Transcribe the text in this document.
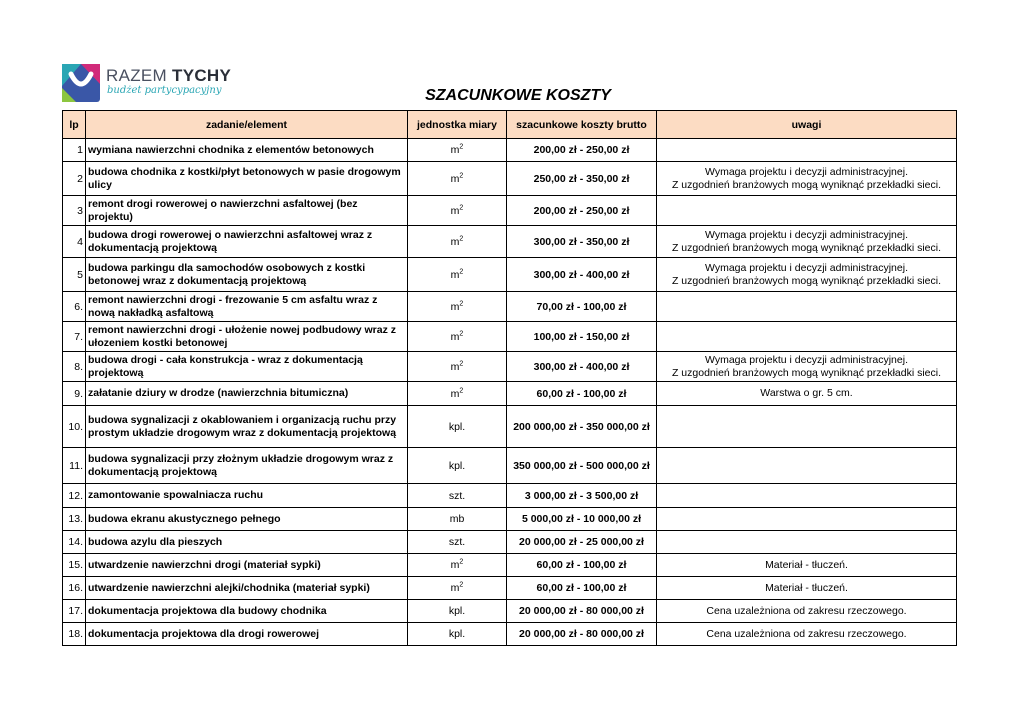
RAZEM TYCHY
budżet partycypacyjny	SZACUNKOWE KOSZTY
lp	zadanie/element	jednostka miary	szacunkowe koszty brutto	uwagi
1	wymiana nawierzchni chodnika z elementów betonowych	$m^2$	200,00 zł - 250,00 zł	
2	budowa chodnika z kostki/płyt betonowych w pasie drogowym ulicy	$m^2$	250,00 zł - 350,00 zł	Wymaga projektu i decyzji administracyjnej.
Z uzgodnień branżowych mogą wyniknąć przekładki sieci.

3	remont drogi rowerowej o nawierzchni asfaltowej (bez projektu)	$m^2$	200,00 zł - 250,00 zł	
4	budowa drogi rowerowej o nawierzchni asfaltowej wraz z dokumentacją projektową	$m^2$	300,00 zł - 350,00 zł	Wymaga projektu i decyzji administracyjnej.
Z uzgodnień branżowych mogą wyniknąć przekładki sieci.

5	budowa parkingu dla samochodów osobowych z kostki betonowej wraz z dokumentacją projektową	$m^2$	300,00 zł - 400,00 zł	Wymaga projektu i decyzji administracyjnej.
Z uzgodnień branżowych mogą wyniknąć przekładki sieci.

6.	remont nawierzchni drogi - frezowanie 5 cm asfaltu wraz z nową nakładką asfaltową	$m^2$	70,00 zł - 100,00 zł	
7.	remont nawierzchni drogi - ułożenie nowej podbudowy wraz z ułozeniem kostki betonowej	$m^2$	100,00 zł - 150,00 zł	
8.	budowa drogi - cała konstrukcja - wraz z dokumentacją projektową	$m^2$	300,00 zł - 400,00 zł	Wymaga projektu i decyzji administracyjnej.
Z uzgodnień branżowych mogą wyniknąć przekładki sieci.

9.	załatanie dziury w drodze (nawierzchnia bitumiczna)	$m^2$	60,00 zł - 100,00 zł	Warstwa o gr. 5 cm.

10.	budowa sygnalizacji z okablowaniem i organizacją ruchu przy prostym układzie drogowym wraz z dokumentacją projektową	kpl.	200 000,00 zł - 350 000,00 zł	
11.	budowa sygnalizacji przy złożnym układzie drogowym wraz z dokumentacją projektową	kpl.	350 000,00 zł - 500 000,00 zł	
12.	zamontowanie spowalniacza ruchu	szt.	3 000,00 zł - 3 500,00 zł	
13.	budowa ekranu akustycznego pełnego	mb	5 000,00 zł - 10 000,00 zł	
14.	budowa azylu dla pieszych	szt.	20 000,00 zł - 25 000,00 zł	
15.	utwardzenie nawierzchni drogi (materiał sypki)	$m^2$	60,00 zł - 100,00 zł	Materiał - tłuczeń.

16.	utwardzenie nawierzchni alejki/chodnika (materiał sypki)	$m^2$	60,00 zł - 100,00 zł	Materiał - tłuczeń.

17.	dokumentacja projektowa dla budowy chodnika	kpl.	20 000,00 zł - 80 000,00 zł	Cena uzależniona od zakresu rzeczowego.

18.	dokumentacja projektowa dla drogi rowerowej	kpl.	20 000,00 zł - 80 000,00 zł	Cena uzależniona od zakresu rzeczowego.
